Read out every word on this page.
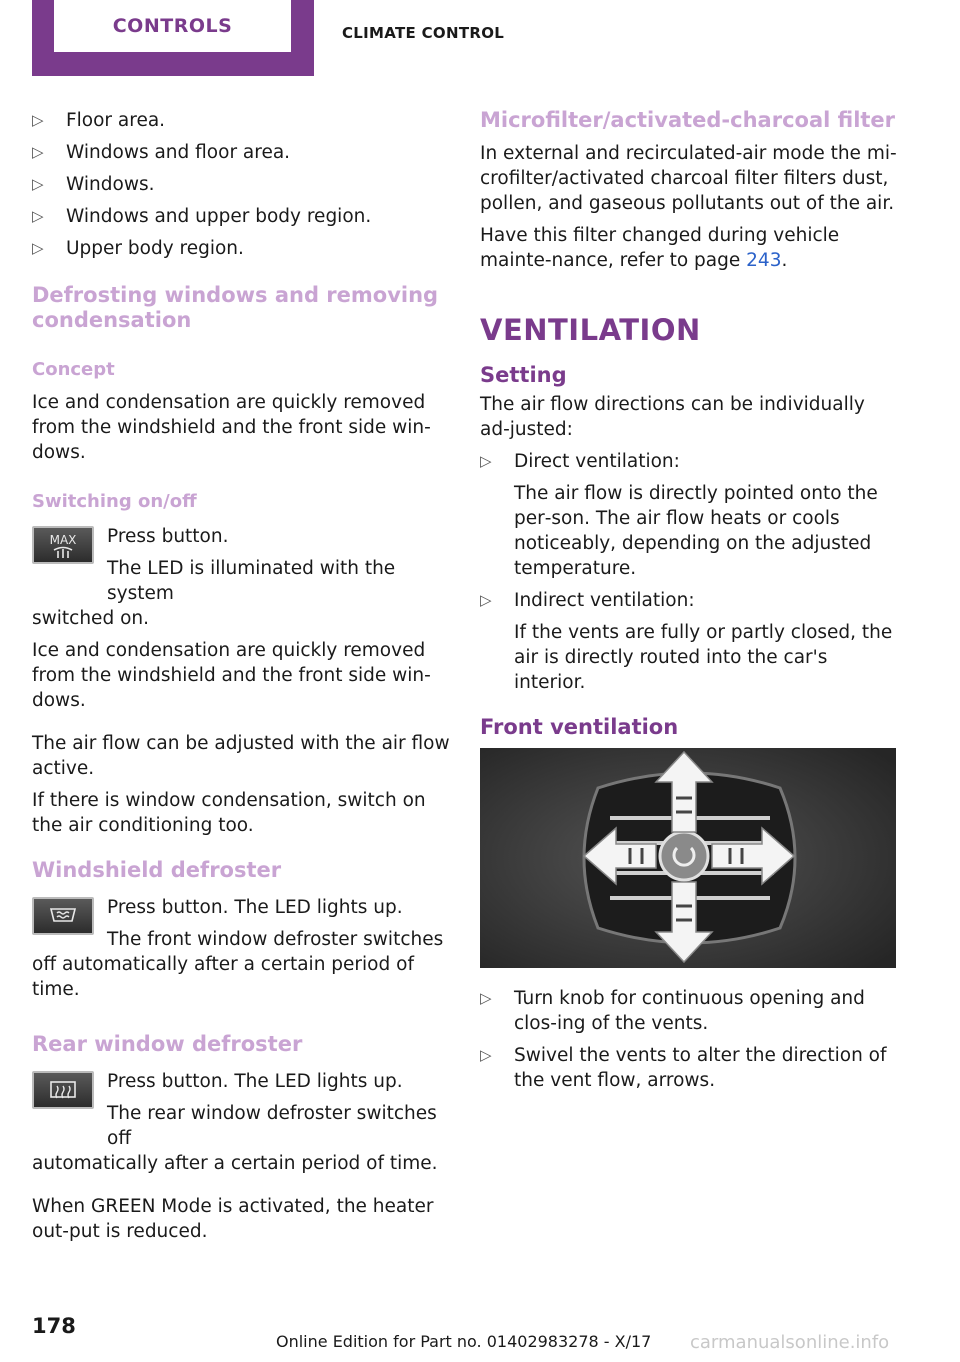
CONTROLS	CLIMATE CONTROL
▷	Floor area.
▷	Windows and floor area.
▷	Windows.
▷	Windows and upper body region.
▷	Upper body region.
Defrosting windows and removing condensation
Concept

Ice and condensation are quickly removed from the windshield and the front side win‐dows.

Switching on/off
MAX Press button.

The LED is illuminated with the system

switched on.

Ice and condensation are quickly removed from the windshield and the front side win‐dows.

The air flow can be adjusted with the air flow active.

If there is window condensation, switch on the air conditioning too.

Windshield defroster

Press button. The LED lights up.

The front window defroster switches

off automatically after a certain period of time.

Rear window defroster

Press button. The LED lights up.

The rear window defroster switches off

automatically after a certain period of time.

When GREEN Mode is activated, the heater out‐put is reduced.

Microfilter/activated-charcoal filter

In external and recirculated-air mode the mi‐crofilter/activated charcoal filter filters dust, pollen, and gaseous pollutants out of the air.

Have this filter changed during vehicle mainte‐nance, refer to page 243.

VENTILATION
Setting

The air flow directions can be individually ad‐justed:

▷	Direct ventilation:

The air flow is directly pointed onto the per‐son. The air flow heats or cools noticeably, depending on the adjusted temperature.

▷	Indirect ventilation:

If the vents are fully or partly closed, the air is directly routed into the car's interior.

Front ventilation
▷	Turn knob for continuous opening and clos‐ing of the vents.
▷	Swivel the vents to alter the direction of the vent flow, arrows.
178
Online Edition for Part no. 01402983278 - X/17 carmanualsonline.info
